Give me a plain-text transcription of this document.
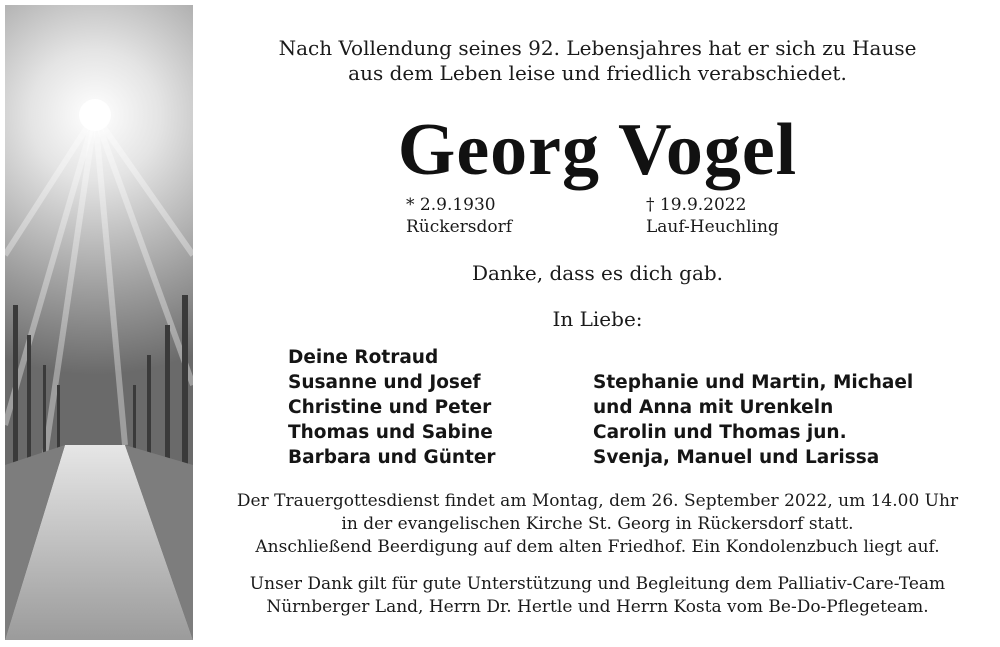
Nach Vollendung seines 92. Lebensjahres hat er sich zu Hause
aus dem Leben leise und friedlich verabschiedet.
Georg Vogel
* 2.9.1930
Rückersdorf
† 19.9.2022
Lauf-Heuchling
Danke, dass es dich gab.
In Liebe:
Deine Rotraud
Susanne und Josef
Christine und Peter
Thomas und Sabine
Barbara und Günter
Stephanie und Martin, Michael
und Anna mit Urenkeln
Carolin und Thomas jun.
Svenja, Manuel und Larissa
Der Trauergottesdienst findet am Montag, dem 26. September 2022, um 14.00 Uhr
in der evangelischen Kirche St. Georg in Rückersdorf statt.
Anschließend Beerdigung auf dem alten Friedhof. Ein Kondolenzbuch liegt auf.
Unser Dank gilt für gute Unterstützung und Begleitung dem Palliativ-Care-Team
Nürnberger Land, Herrn Dr. Hertle und Herrn Kosta vom Be-Do-Pflegeteam.
